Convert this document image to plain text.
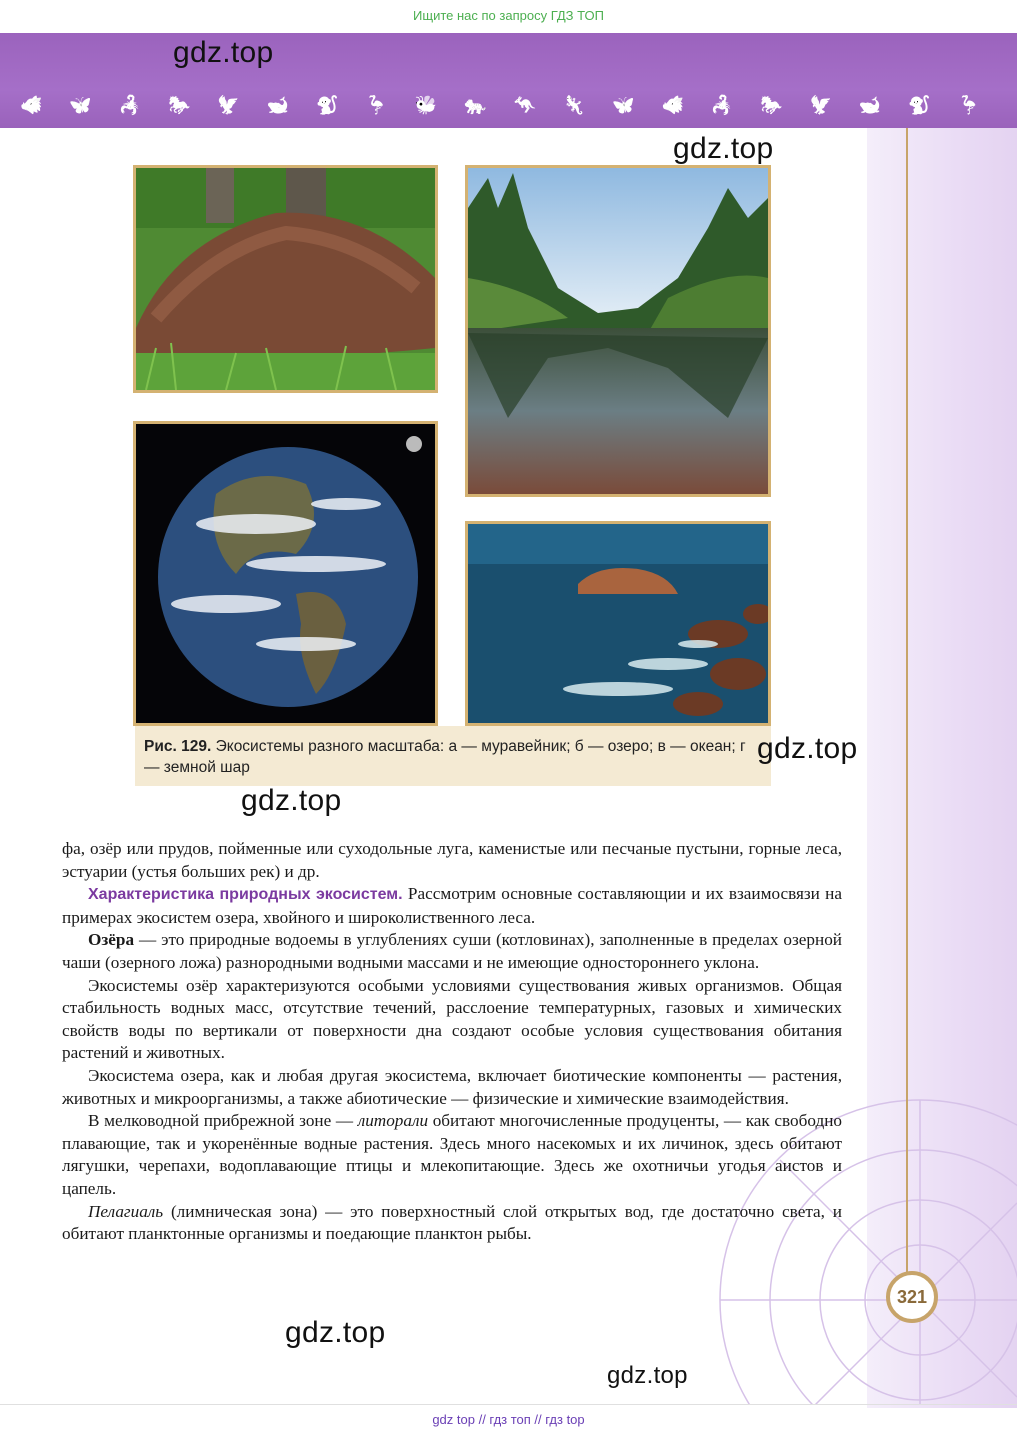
Ищите нас по запросу ГДЗ ТОП
🐗 🦋 🦂 🐎 🦅 🐋 🐒 🦩 🐝 🐅 🦘 🦎 🦋 🐗 🦂 🐎 🦅 🐋 🐒 🦩
321
Рис. 129. Экосистемы разного масштаба: а — муравейник; б — озеро; в — океан; г — земной шар

фа, озёр или прудов, пойменные или суходольные луга, каменистые или песчаные пустыни, горные леса, эстуарии (устья больших рек) и др.

Характеристика природных экосистем. Рассмотрим основные составляющии и их взаимосвязи на примерах экосистем озера, хвойного и широколиственного леса.

Озёра — это природные водоемы в углублениях суши (котловинах), заполненные в пределах озерной чаши (озерного ложа) разнородными водными массами и не имеющие одностороннего уклона.

Экосистемы озёр характеризуются особыми условиями существования живых организмов. Общая стабильность водных масс, отсутствие течений, расслоение температурных, газовых и химических свойств воды по вертикали от поверхности дна создают особые условия существования обитания растений и животных.

Экосистема озера, как и любая другая экосистема, включает биотические компоненты — растения, животных и микроорганизмы, а также абиотические — физические и химические взаимодействия.

В мелководной прибрежной зоне — литорали обитают многочисленные продуценты, — как свободно плавающие, так и укоренённые водные растения. Здесь много насекомых и их личинок, здесь обитают лягушки, черепахи, водоплавающие птицы и млекопитающие. Здесь же охотничьи угодья аистов и цапель.

Пелагиаль (лимническая зона) — это поверхностный слой открытых вод, где достаточно света, и обитают планктонные организмы и поедающие планктон рыбы.

gdz.top
gdz.top
gdz.top
gdz.top
gdz.top
gdz.top
gdz top // гдз топ // гдз top
